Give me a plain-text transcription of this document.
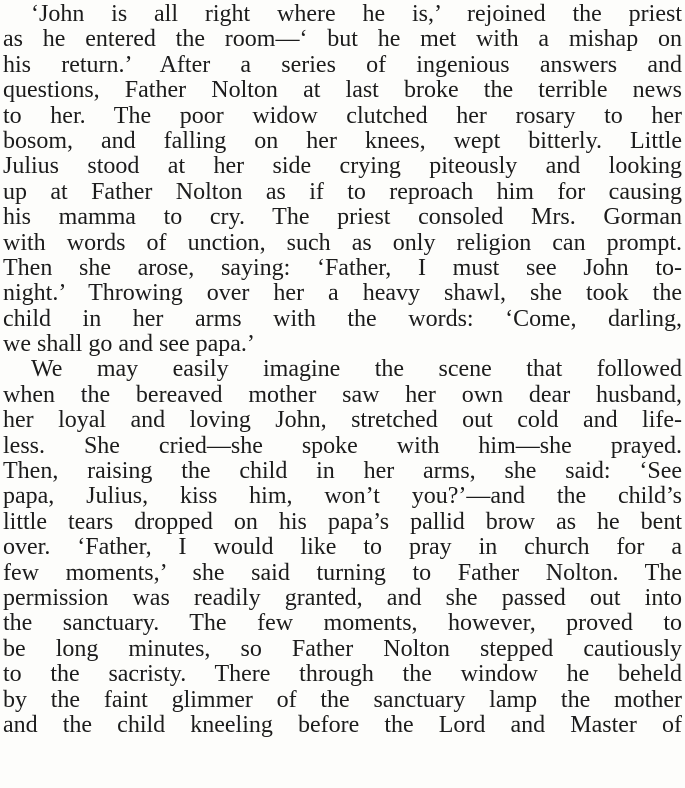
‘John is all right where he is,’ rejoined the priest
as he entered the room—‘ but he met with a mishap on
his return.’ After a series of ingenious answers and
questions, Father Nolton at last broke the terrible news
to her. The poor widow clutched her rosary to her
bosom, and falling on her knees, wept bitterly. Little
Julius stood at her side crying piteously and looking
up at Father Nolton as if to reproach him for causing
his mamma to cry. The priest consoled Mrs. Gorman
with words of unction, such as only religion can prompt.
Then she arose, saying: ‘Father, I must see John to-
night.’ Throwing over her a heavy shawl, she took the
child in her arms with the words: ‘Come, darling,
we shall go and see papa.’
We may easily imagine the scene that followed
when the bereaved mother saw her own dear husband,
her loyal and loving John, stretched out cold and life-
less. She cried—she spoke with him—she prayed.
Then, raising the child in her arms, she said: ‘See
papa, Julius, kiss him, won’t you?’—and the child’s
little tears dropped on his papa’s pallid brow as he bent
over. ‘Father, I would like to pray in church for a
few moments,’ she said turning to Father Nolton. The
permission was readily granted, and she passed out into
the sanctuary. The few moments, however, proved to
be long minutes, so Father Nolton stepped cautiously
to the sacristy. There through the window he beheld
by the faint glimmer of the sanctuary lamp the mother
and the child kneeling before the Lord and Master of
